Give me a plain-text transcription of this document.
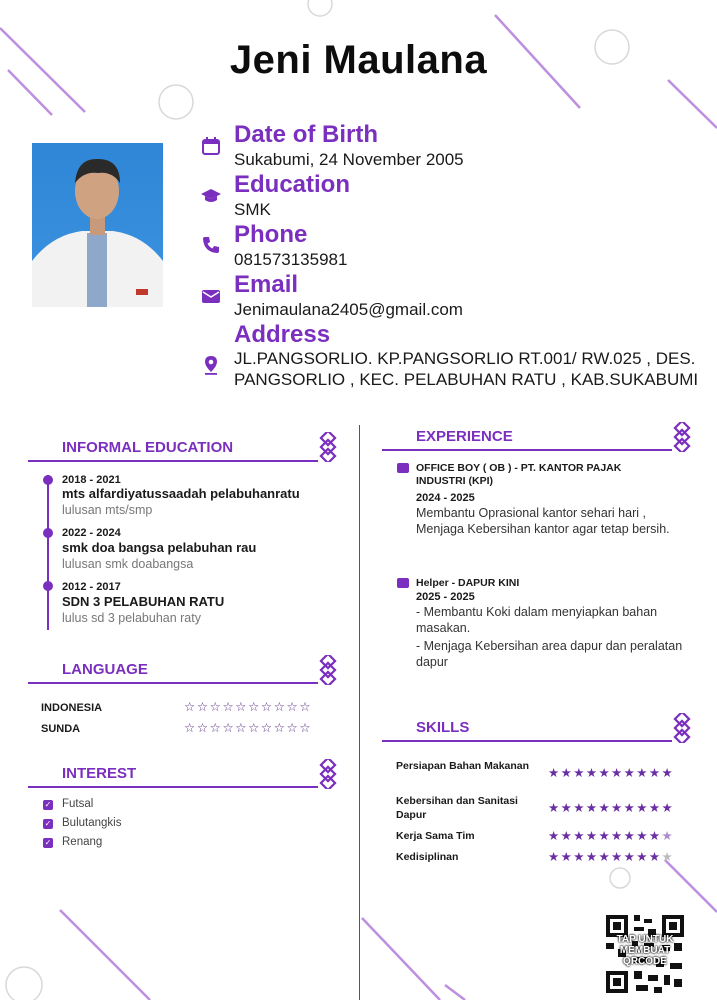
Jeni Maulana
Date of Birth
Sukabumi, 24 November 2005
Education
SMK
Phone
081573135981
Email
Jenimaulana2405@gmail.com
Address
JL.PANGSORLIO. KP.PANGSORLIO RT.001/ RW.025 , DES. PANGSORLIO , KEC. PELABUHAN RATU , KAB.SUKABUMI
INFORMAL EDUCATION
2018 - 2021
mts alfardiyatussaadah pelabuhanratu
lulusan mts/smp
2022 - 2024
smk doa bangsa pelabuhan rau
lulusan smk doabangsa
2012 - 2017
SDN 3 PELABUHAN RATU
lulus sd 3 pelabuhan raty
LANGUAGE
INDONESIA	☆☆☆☆☆☆☆☆☆☆
SUNDA	☆☆☆☆☆☆☆☆☆☆
INTEREST
✓ Futsal
✓ Bulutangkis
✓ Renang
EXPERIENCE
OFFICE BOY ( OB ) - PT. KANTOR PAJAK INDUSTRI (KPI)
2024 - 2025
Membantu Oprasional kantor sehari hari , Menjaga Kebersihan kantor agar tetap bersih.
Helper - DAPUR KINI
2025 - 2025
- Membantu Koki dalam menyiapkan bahan masakan.
- Menjaga Kebersihan area dapur dan peralatan dapur
SKILLS
Persiapan Bahan Makanan	★★★★★★★★★★
Kebersihan dan Sanitasi Dapur	★★★★★★★★★★
Kerja Sama Tim	★★★★★★★★★★
Kedisiplinan	★★★★★★★★★★
TAP UNTUK MEMBUAT QRCODE
